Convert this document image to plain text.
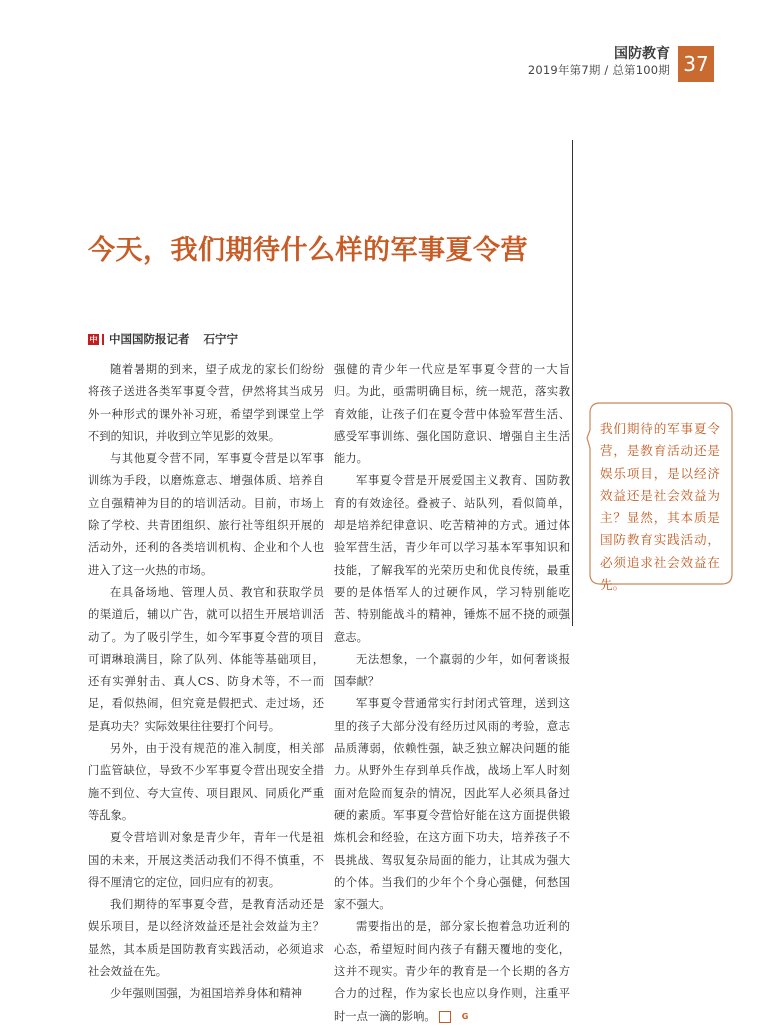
国防教育
2019年第7期 / 总第100期 37
今天，我们期待什么样的军事夏令营
中 中国国防报记者 石宁宁

随着暑期的到来，望子成龙的家长们纷纷将孩子送进各类军事夏令营，伊然将其当成另外一种形式的课外补习班，希望学到课堂上学不到的知识，并收到立竿见影的效果。

与其他夏令营不同，军事夏令营是以军事训练为手段，以磨炼意志、增强体质、培养自立自强精神为目的的培训活动。目前，市场上除了学校、共青团组织、旅行社等组织开展的活动外，还利的各类培训机构、企业和个人也进入了这一火热的市场。

在具备场地、管理人员、教官和获取学员的渠道后，辅以广告，就可以招生开展培训活动了。为了吸引学生，如今军事夏令营的项目可谓琳琅满目，除了队列、体能等基础项目，还有实弹射击、真人CS、防身术等，不一而足，看似热闹，但究竟是假把式、走过场，还是真功夫？实际效果往往要打个问号。

另外，由于没有规范的准入制度，相关部门监管缺位，导致不少军事夏令营出现安全措施不到位、夸大宣传、项目跟风、同质化严重等乱象。

夏令营培训对象是青少年，青年一代是祖国的未来，开展这类活动我们不得不慎重，不得不厘清它的定位，回归应有的初衷。

我们期待的军事夏令营，是教育活动还是娱乐项目，是以经济效益还是社会效益为主？显然，其本质是国防教育实践活动，必须追求社会效益在先。

少年强则国强，为祖国培养身体和精神

强健的青少年一代应是军事夏令营的一大旨归。为此，亟需明确目标，统一规范，落实教育效能，让孩子们在夏令营中体验军营生活、感受军事训练、强化国防意识、增强自主生活能力。

军事夏令营是开展爱国主义教育、国防教育的有效途径。叠被子、站队列，看似简单，却是培养纪律意识、吃苦精神的方式。通过体验军营生活，青少年可以学习基本军事知识和技能，了解我军的光荣历史和优良传统，最重要的是体悟军人的过硬作风，学习特别能吃苦、特别能战斗的精神，锤炼不屈不挠的顽强意志。

无法想象，一个羸弱的少年，如何奢谈报国奉献？

军事夏令营通常实行封闭式管理，送到这里的孩子大部分没有经历过风雨的考验，意志品质薄弱，依赖性强，缺乏独立解决问题的能力。从野外生存到单兵作战，战场上军人时刻面对危险而复杂的情况，因此军人必须具备过硬的素质。军事夏令营恰好能在这方面提供锻炼机会和经验，在这方面下功夫，培养孩子不畏挑战、驾驭复杂局面的能力，让其成为强大的个体。当我们的少年个个身心强健，何愁国家不强大。

需要指出的是，部分家长抱着急功近利的心态，希望短时间内孩子有翻天覆地的变化，这并不现实。青少年的教育是一个长期的各方合力的过程，作为家长也应以身作则，注重平时一点一滴的影响。	G

我们期待的军事夏令营，是教育活动还是娱乐项目，是以经济效益还是社会效益为主？显然，其本质是国防教育实践活动，必须追求社会效益在先。
